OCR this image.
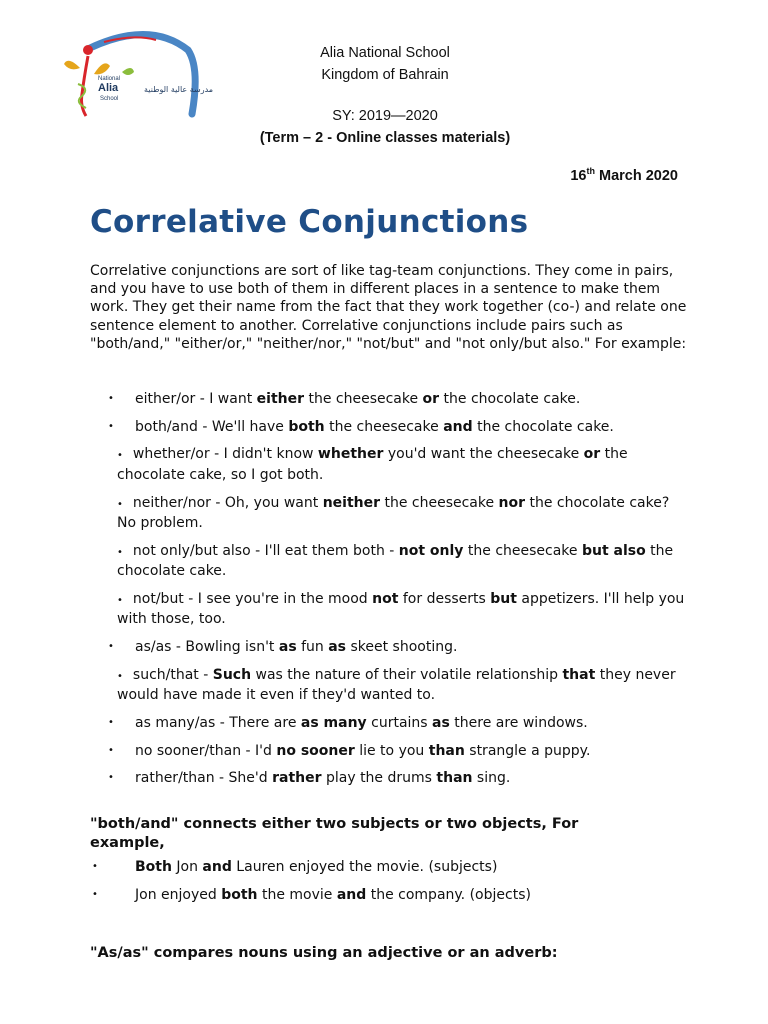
National
Alia
School
مدرسة عالية الوطنية
Alia National School
Kingdom of Bahrain
SY: 2019—2020
(Term – 2 - Online classes materials)
16th March 2020
Correlative Conjunctions

Correlative conjunctions are sort of like tag-team conjunctions. They come in pairs, and you have to use both of them in different places in a sentence to make them work. They get their name from the fact that they work together (co-) and relate one sentence element to another. Correlative conjunctions include pairs such as "both/and," "either/or," "neither/nor," "not/but" and "not only/but also." For example:

• either/or - I want either the cheesecake or the chocolate cake.
• both/and - We'll have both the cheesecake and the chocolate cake.
• whether/or - I didn't know whether you'd want the cheesecake or the chocolate cake, so I got both.
• neither/nor - Oh, you want neither the cheesecake nor the chocolate cake? No problem.
• not only/but also - I'll eat them both - not only the cheesecake but also the chocolate cake.
• not/but - I see you're in the mood not for desserts but appetizers. I'll help you with those, too.
• as/as - Bowling isn't as fun as skeet shooting.
• such/that - Such was the nature of their volatile relationship that they never would have made it even if they'd wanted to.
• as many/as - There are as many curtains as there are windows.
• no sooner/than - I'd no sooner lie to you than strangle a puppy.
• rather/than - She'd rather play the drums than sing.
"both/and" connects either two subjects or two objects, For example,
•	Both Jon and Lauren enjoyed the movie. (subjects)
•	Jon enjoyed both the movie and the company. (objects)
"As/as" compares nouns using an adjective or an adverb:
